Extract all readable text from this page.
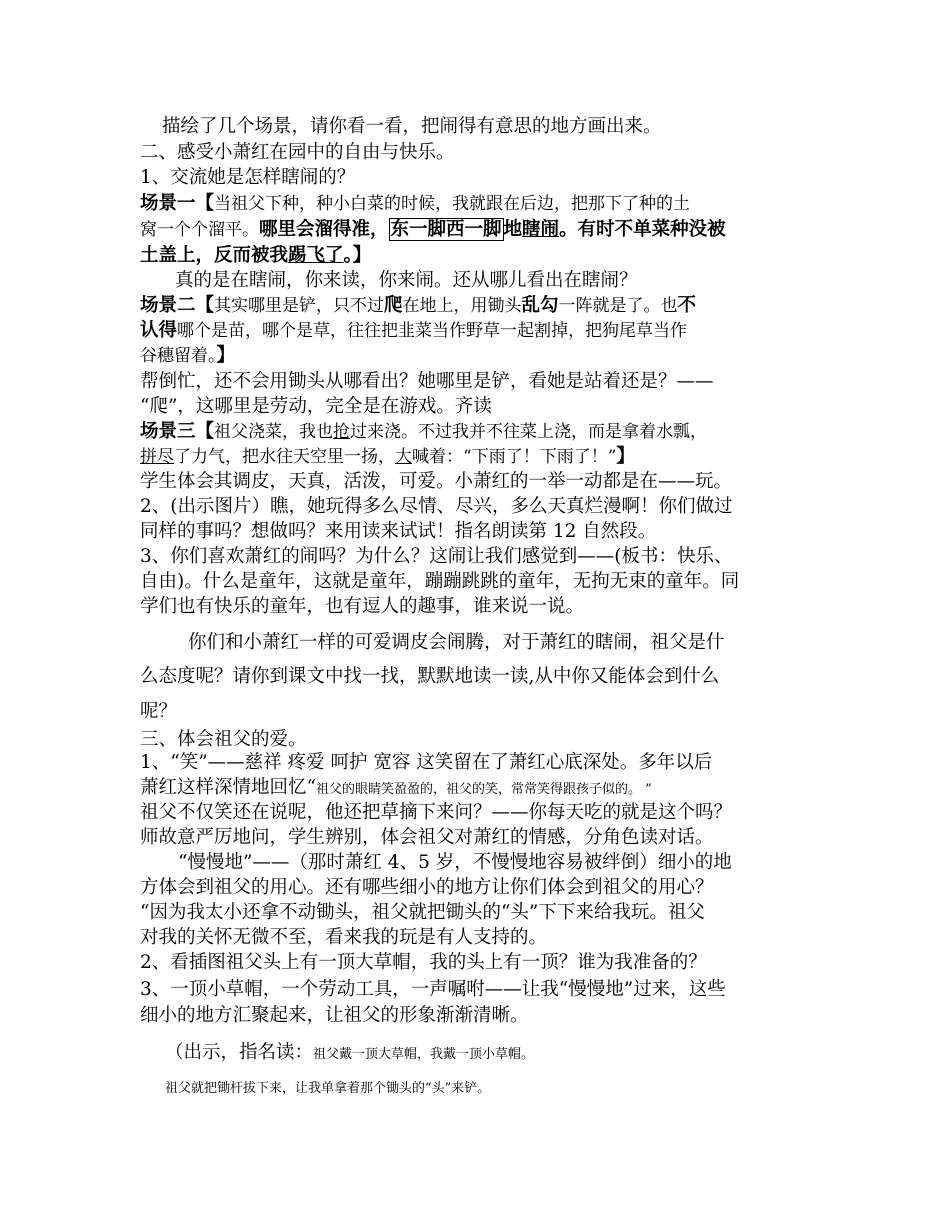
描绘了几个场景，请你看一看，把闹得有意思的地方画出来。
二、感受小萧红在园中的自由与快乐。
1、交流她是怎样瞎闹的？
场景一【当祖父下种，种小白菜的时候，我就跟在后边，把那下了种的土
窝一个个溜平。哪里会溜得准， 东一脚西一脚 地瞎闹。有时不单菜种没被
土盖上，反而被我踢飞了。】
真的是在瞎闹，你来读，你来闹。还从哪儿看出在瞎闹？
场景二【其实哪里是铲，只不过爬在地上，用锄头乱勾一阵就是了。也不
认得哪个是苗，哪个是草，往往把韭菜当作野草一起割掉，把狗尾草当作
谷穗留着。】
帮倒忙，还不会用锄头从哪看出？她哪里是铲，看她是站着还是？——
“爬”，这哪里是劳动，完全是在游戏。齐读
场景三【祖父浇菜，我也抢过来浇。不过我并不往菜上浇，而是拿着水瓢，
拼尽了力气，把水往天空里一扬，大喊着：“下雨了！下雨了！”】
学生体会其调皮，天真，活泼，可爱。小萧红的一举一动都是在——玩。
2、(出示图片）瞧，她玩得多么尽情、尽兴，多么天真烂漫啊！你们做过
同样的事吗？想做吗？来用读来试试！指名朗读第 12 自然段。
3、你们喜欢萧红的闹吗？为什么？这闹让我们感觉到——(板书：快乐、
自由)。什么是童年，这就是童年，蹦蹦跳跳的童年，无拘无束的童年。同
学们也有快乐的童年，也有逗人的趣事，谁来说一说。
你们和小萧红一样的可爱调皮会闹腾，对于萧红的瞎闹，祖父是什
么态度呢？请你到课文中找一找，默默地读一读,从中你又能体会到什么
呢？
三、体会祖父的爱。
1、“笑”——慈祥 疼爱 呵护 宽容 这笑留在了萧红心底深处。多年以后
萧红这样深情地回忆“祖父的眼睛笑盈盈的，祖父的笑，常常笑得跟孩子似的。 ”
祖父不仅笑还在说呢，他还把草摘下来问？——你每天吃的就是这个吗？
师故意严厉地问，学生辨别，体会祖父对萧红的情感，分角色读对话。
“慢慢地”——（那时萧红 4、5 岁，不慢慢地容易被绊倒）细小的地
方体会到祖父的用心。还有哪些细小的地方让你们体会到祖父的用心？
“因为我太小还拿不动锄头，祖父就把锄头的“头”下下来给我玩。祖父
对我的关怀无微不至，看来我的玩是有人支持的。
2、看插图祖父头上有一顶大草帽，我的头上有一顶？谁为我准备的？
3、一顶小草帽，一个劳动工具，一声嘱咐——让我“慢慢地”过来，这些
细小的地方汇聚起来，让祖父的形象渐渐清晰。
（出示，指名读：祖父戴一顶大草帽，我戴一顶小草帽。
祖父就把锄杆拔下来，让我单拿着那个锄头的“头”来铲。
